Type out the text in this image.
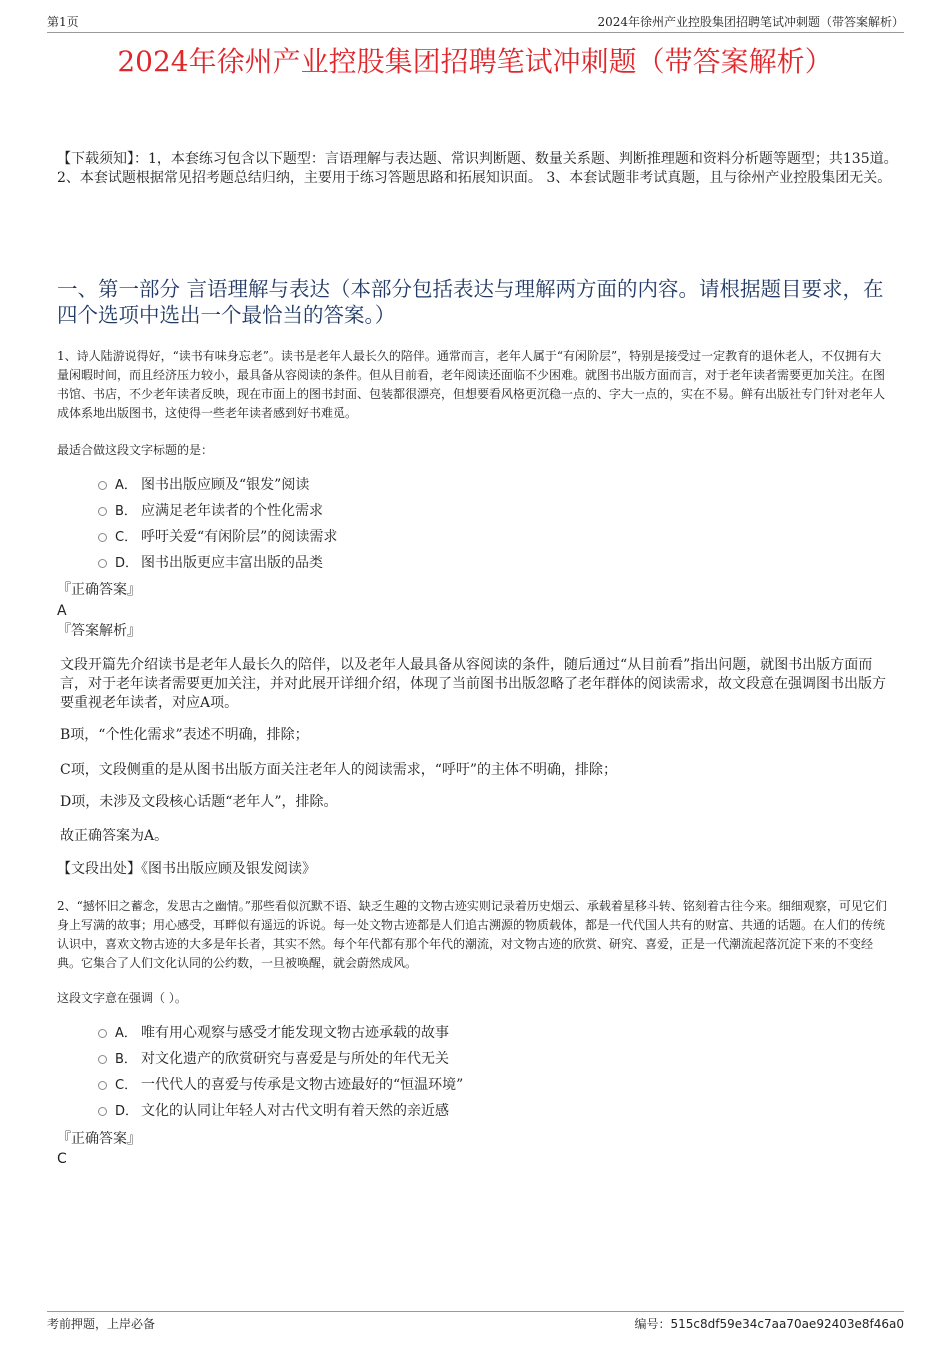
第1页	2024年徐州产业控股集团招聘笔试冲刺题（带答案解析）
2024年徐州产业控股集团招聘笔试冲刺题（带答案解析）
【下载须知】：1，本套练习包含以下题型：言语理解与表达题、常识判断题、数量关系题、判断推理题和资料分析题等题型；共135道。 2、本套试题根据常见招考题总结归纳，主要用于练习答题思路和拓展知识面。 3、本套试题非考试真题，且与徐州产业控股集团无关。
一、第一部分 言语理解与表达（本部分包括表达与理解两方面的内容。请根据题目要求，在四个选项中选出一个最恰当的答案。）
1、诗人陆游说得好，“读书有味身忘老”。读书是老年人最长久的陪伴。通常而言，老年人属于“有闲阶层”，特别是接受过一定教育的退休老人，不仅拥有大量闲暇时间，而且经济压力较小，最具备从容阅读的条件。但从目前看，老年阅读还面临不少困难。就图书出版方面而言，对于老年读者需要更加关注。在图书馆、书店，不少老年读者反映，现在市面上的图书封面、包装都很漂亮，但想要看风格更沉稳一点的、字大一点的，实在不易。鲜有出版社专门针对老年人成体系地出版图书，这使得一些老年读者感到好书难觅。
最适合做这段文字标题的是：
A． 图书出版应顾及“银发”阅读
B． 应满足老年读者的个性化需求
C． 呼吁关爱“有闲阶层”的阅读需求
D． 图书出版更应丰富出版的品类
『正确答案』
A
『答案解析』
文段开篇先介绍读书是老年人最长久的陪伴，以及老年人最具备从容阅读的条件，随后通过“从目前看”指出问题，就图书出版方面而言，对于老年读者需要更加关注，并对此展开详细介绍，体现了当前图书出版忽略了老年群体的阅读需求，故文段意在强调图书出版方要重视老年读者，对应A项。
B项，“个性化需求”表述不明确，排除；
C项，文段侧重的是从图书出版方面关注老年人的阅读需求，“呼吁”的主体不明确，排除；
D项，未涉及文段核心话题“老年人”，排除。
故正确答案为A。
【文段出处】《图书出版应顾及银发阅读》
2、“撼怀旧之蓄念，发思古之幽情。”那些看似沉默不语、缺乏生趣的文物古迹实则记录着历史烟云、承载着星移斗转、铭刻着古往今来。细细观察，可见它们身上写满的故事；用心感受，耳畔似有遥远的诉说。每一处文物古迹都是人们追古溯源的物质载体，都是一代代国人共有的财富、共通的话题。在人们的传统认识中，喜欢文物古迹的大多是年长者，其实不然。每个年代都有那个年代的潮流，对文物古迹的欣赏、研究、喜爱，正是一代潮流起落沉淀下来的不变经典。它集合了人们文化认同的公约数，一旦被唤醒，就会蔚然成风。
这段文字意在强调（ ）。
A． 唯有用心观察与感受才能发现文物古迹承载的故事
B． 对文化遗产的欣赏研究与喜爱是与所处的年代无关
C． 一代代人的喜爱与传承是文物古迹最好的“恒温环境”
D． 文化的认同让年轻人对古代文明有着天然的亲近感
『正确答案』
C
考前押题，上岸必备	编号：515c8df59e34c7aa70ae92403e8f46a0
